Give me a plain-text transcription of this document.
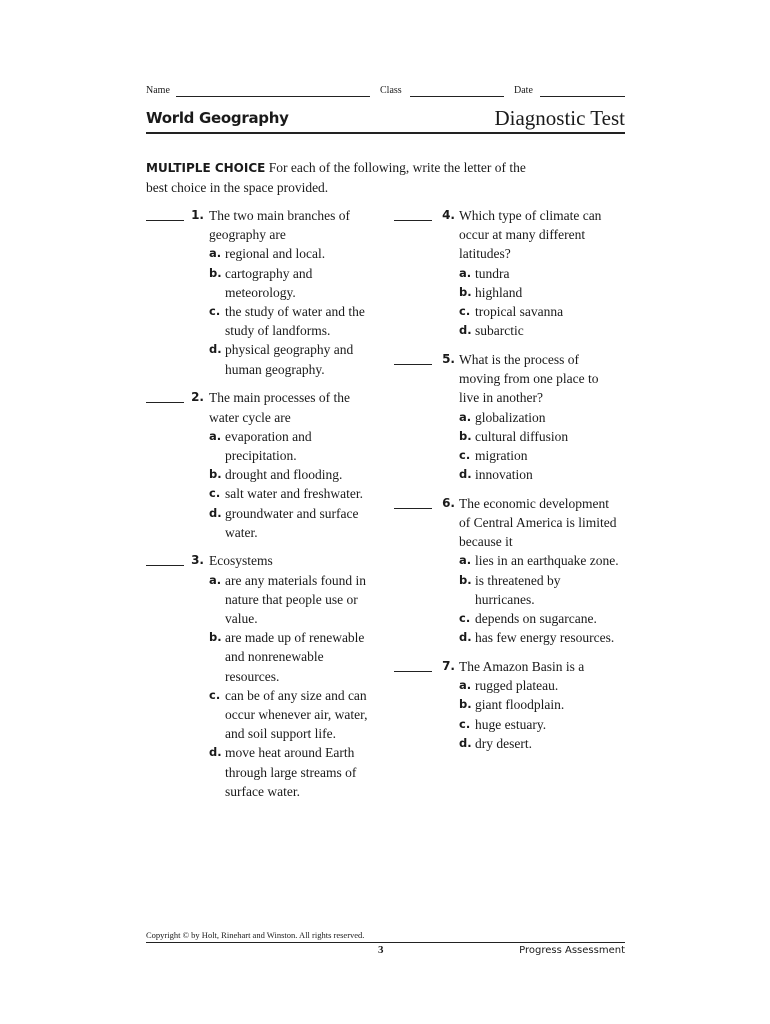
Name	Class	Date
World Geography	Diagnostic Test
MULTIPLE CHOICE For each of the following, write the letter of the best choice in the space provided.
1. The two main branches of
geography are
a. regional and local.
b. cartography and
meteorology.
c. the study of water and the
study of landforms.
d. physical geography and
human geography.
2. The main processes of the
water cycle are
a. evaporation and
precipitation.
b. drought and flooding.
c. salt water and freshwater.
d. groundwater and surface
water.
3. Ecosystems
a. are any materials found in
nature that people use or
value.
b. are made up of renewable
and nonrenewable
resources.
c. can be of any size and can
occur whenever air, water,
and soil support life.
d. move heat around Earth
through large streams of
surface water.
4. Which type of climate can
occur at many different
latitudes?
a. tundra
b. highland
c. tropical savanna
d. subarctic
5. What is the process of
moving from one place to
live in another?
a. globalization
b. cultural diffusion
c. migration
d. innovation
6. The economic development
of Central America is limited
because it
a. lies in an earthquake zone.
b. is threatened by
hurricanes.
c. depends on sugarcane.
d. has few energy resources.
7. The Amazon Basin is a
a. rugged plateau.
b. giant floodplain.
c. huge estuary.
d. dry desert.
Copyright © by Holt, Rinehart and Winston. All rights reserved.
3	Progress Assessment
